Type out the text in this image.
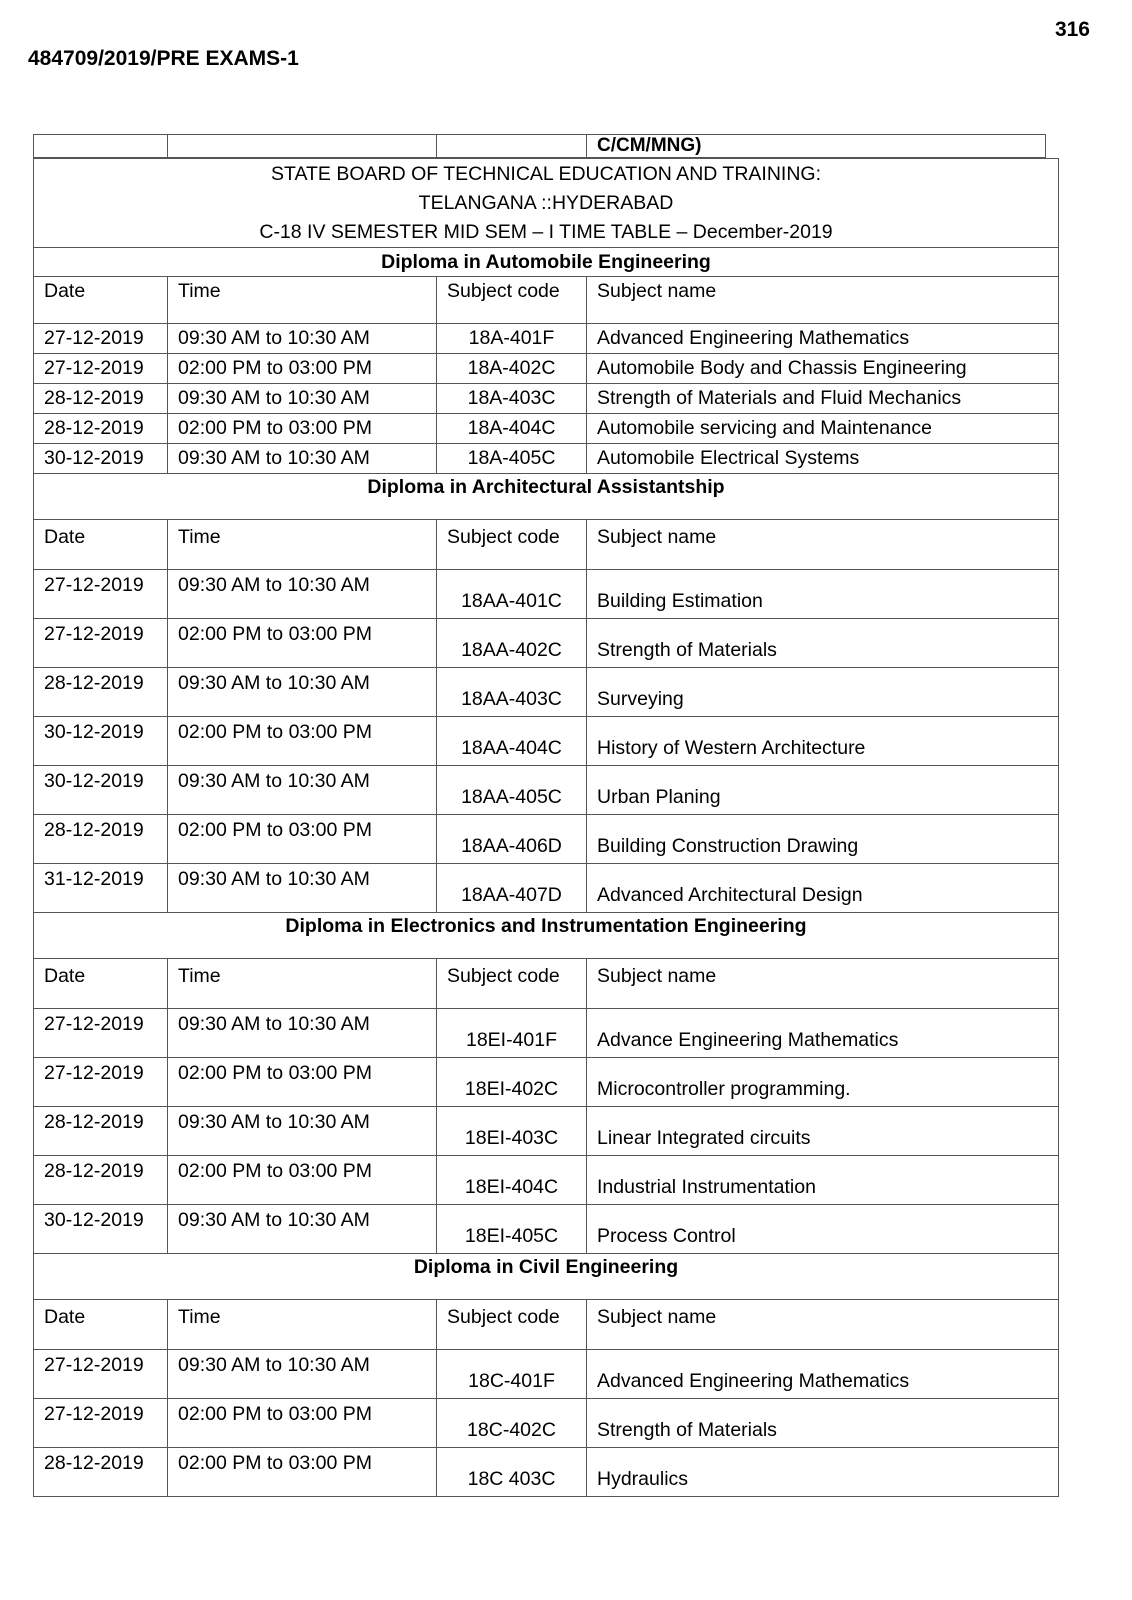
316
484709/2019/PRE EXAMS-1
			C/CM/MNG)
STATE BOARD OF TECHNICAL EDUCATION AND TRAINING:
TELANGANA ::HYDERABAD
C-18 IV SEMESTER MID SEM – I TIME TABLE – December-2019			

Diploma in Automobile Engineering			
Date	Time	Subject code	Subject name
27-12-2019	09:30 AM to 10:30 AM	18A-401F	Advanced Engineering Mathematics
27-12-2019	02:00 PM to 03:00 PM	18A-402C	Automobile Body and Chassis Engineering
28-12-2019	09:30 AM to 10:30 AM	18A-403C	Strength of Materials and Fluid Mechanics
28-12-2019	02:00 PM to 03:00 PM	18A-404C	Automobile servicing and Maintenance
30-12-2019	09:30 AM to 10:30 AM	18A-405C	Automobile Electrical Systems
Diploma in Architectural Assistantship			
Date	Time	Subject code	Subject name
27-12-2019	09:30 AM to 10:30 AM	18AA-401C	Building Estimation
27-12-2019	02:00 PM to 03:00 PM	18AA-402C	Strength of Materials
28-12-2019	09:30 AM to 10:30 AM	18AA-403C	Surveying
30-12-2019	02:00 PM to 03:00 PM	18AA-404C	History of Western Architecture
30-12-2019	09:30 AM to 10:30 AM	18AA-405C	Urban Planing
28-12-2019	02:00 PM to 03:00 PM	18AA-406D	Building Construction Drawing
31-12-2019	09:30 AM to 10:30 AM	18AA-407D	Advanced Architectural Design
Diploma in Electronics and Instrumentation Engineering			
Date	Time	Subject code	Subject name
27-12-2019	09:30 AM to 10:30 AM	18EI-401F	Advance Engineering Mathematics
27-12-2019	02:00 PM to 03:00 PM	18EI-402C	Microcontroller programming.
28-12-2019	09:30 AM to 10:30 AM	18EI-403C	Linear Integrated circuits
28-12-2019	02:00 PM to 03:00 PM	18EI-404C	Industrial Instrumentation
30-12-2019	09:30 AM to 10:30 AM	18EI-405C	Process Control
Diploma in Civil Engineering			
Date	Time	Subject code	Subject name
27-12-2019	09:30 AM to 10:30 AM	18C-401F	Advanced Engineering Mathematics
27-12-2019	02:00 PM to 03:00 PM	18C-402C	Strength of Materials
28-12-2019	02:00 PM to 03:00 PM	18C 403C	Hydraulics
